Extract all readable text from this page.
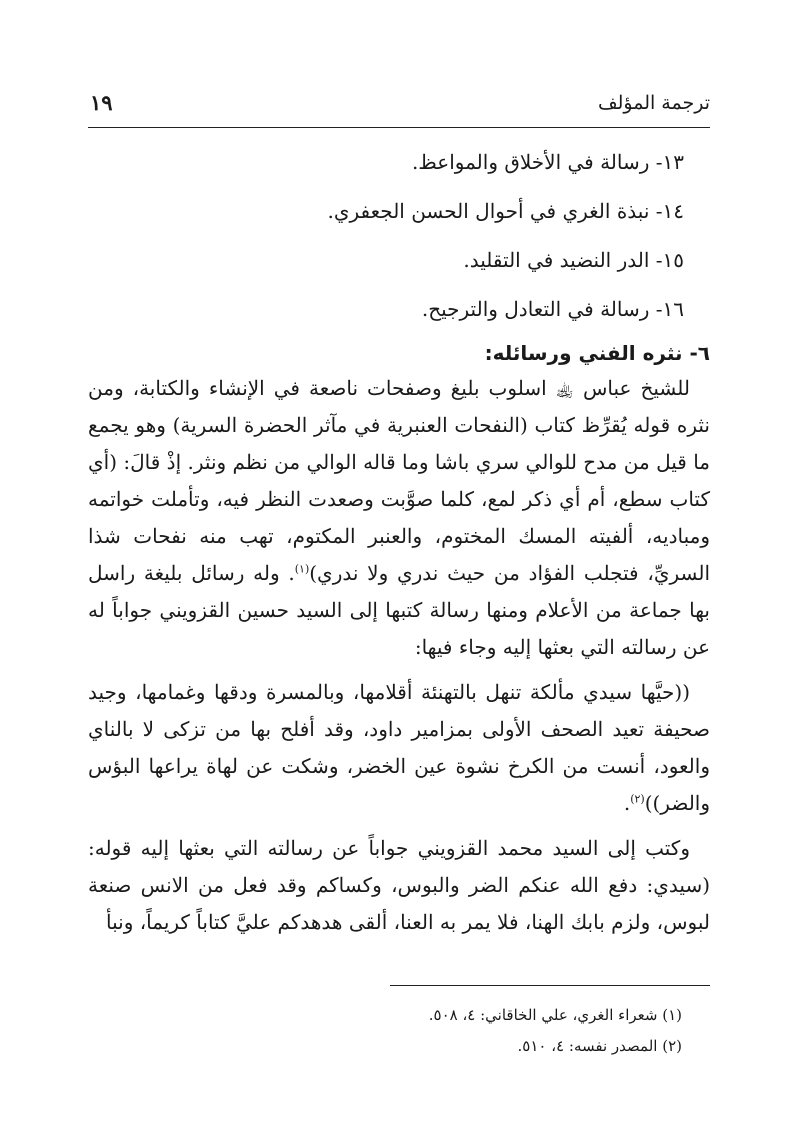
ترجمة المؤلف
١٩
١٣- رسالة في الأخلاق والمواعظ.
١٤- نبذة الغري في أحوال الحسن الجعفري.
١٥- الدر النضيد في التقليد.
١٦- رسالة في التعادل والترجيح.
٦- نثره الفني ورسائله:

للشيخ عباس ﵀ اسلوب بليغ وصفحات ناصعة في الإنشاء والكتابة، ومن نثره قوله يُقرِّظ كتاب (النفحات العنبرية في مآثر الحضرة السرية) وهو يجمع ما قيل من مدح للوالي سري باشا وما قاله الوالي من نظم ونثر. إذْ قالَ: (أي كتاب سطع، أم أي ذكر لمع، كلما صوَّبت وصعدت النظر فيه، وتأملت خواتمه ومباديه، ألفيته المسك المختوم، والعنبر المكتوم، تهب منه نفحات شذا السريِّ، فتجلب الفؤاد من حيث ندري ولا ندري)$^{(١)}$. وله رسائل بليغة راسل بها جماعة من الأعلام ومنها رسالة كتبها إلى السيد حسين القزويني جواباً له عن رسالته التي بعثها إليه وجاء فيها:

((حيَّها سيدي مألكة تنهل بالتهنئة أقلامها، وبالمسرة ودقها وغمامها، وجيد صحيفة تعيد الصحف الأولى بمزامير داود، وقد أفلح بها من تزكى لا بالناي والعود، أنست من الكرخ نشوة عين الخضر، وشكت عن لهاة يراعها البؤس والضر))$^{(٢)}$.

وكتب إلى السيد محمد القزويني جواباً عن رسالته التي بعثها إليه قوله: (سيدي: دفع الله عنكم الضر والبوس، وكساكم وقد فعل من الانس صنعة لبوس، ولزم بابك الهنا، فلا يمر به العنا، ألقى هدهدكم عليَّ كتاباً كريماً، ونبأ

(١) شعراء الغري، علي الخاقاني: ٤، ٥٠٨.
(٢) المصدر نفسه: ٤، ٥١٠.
